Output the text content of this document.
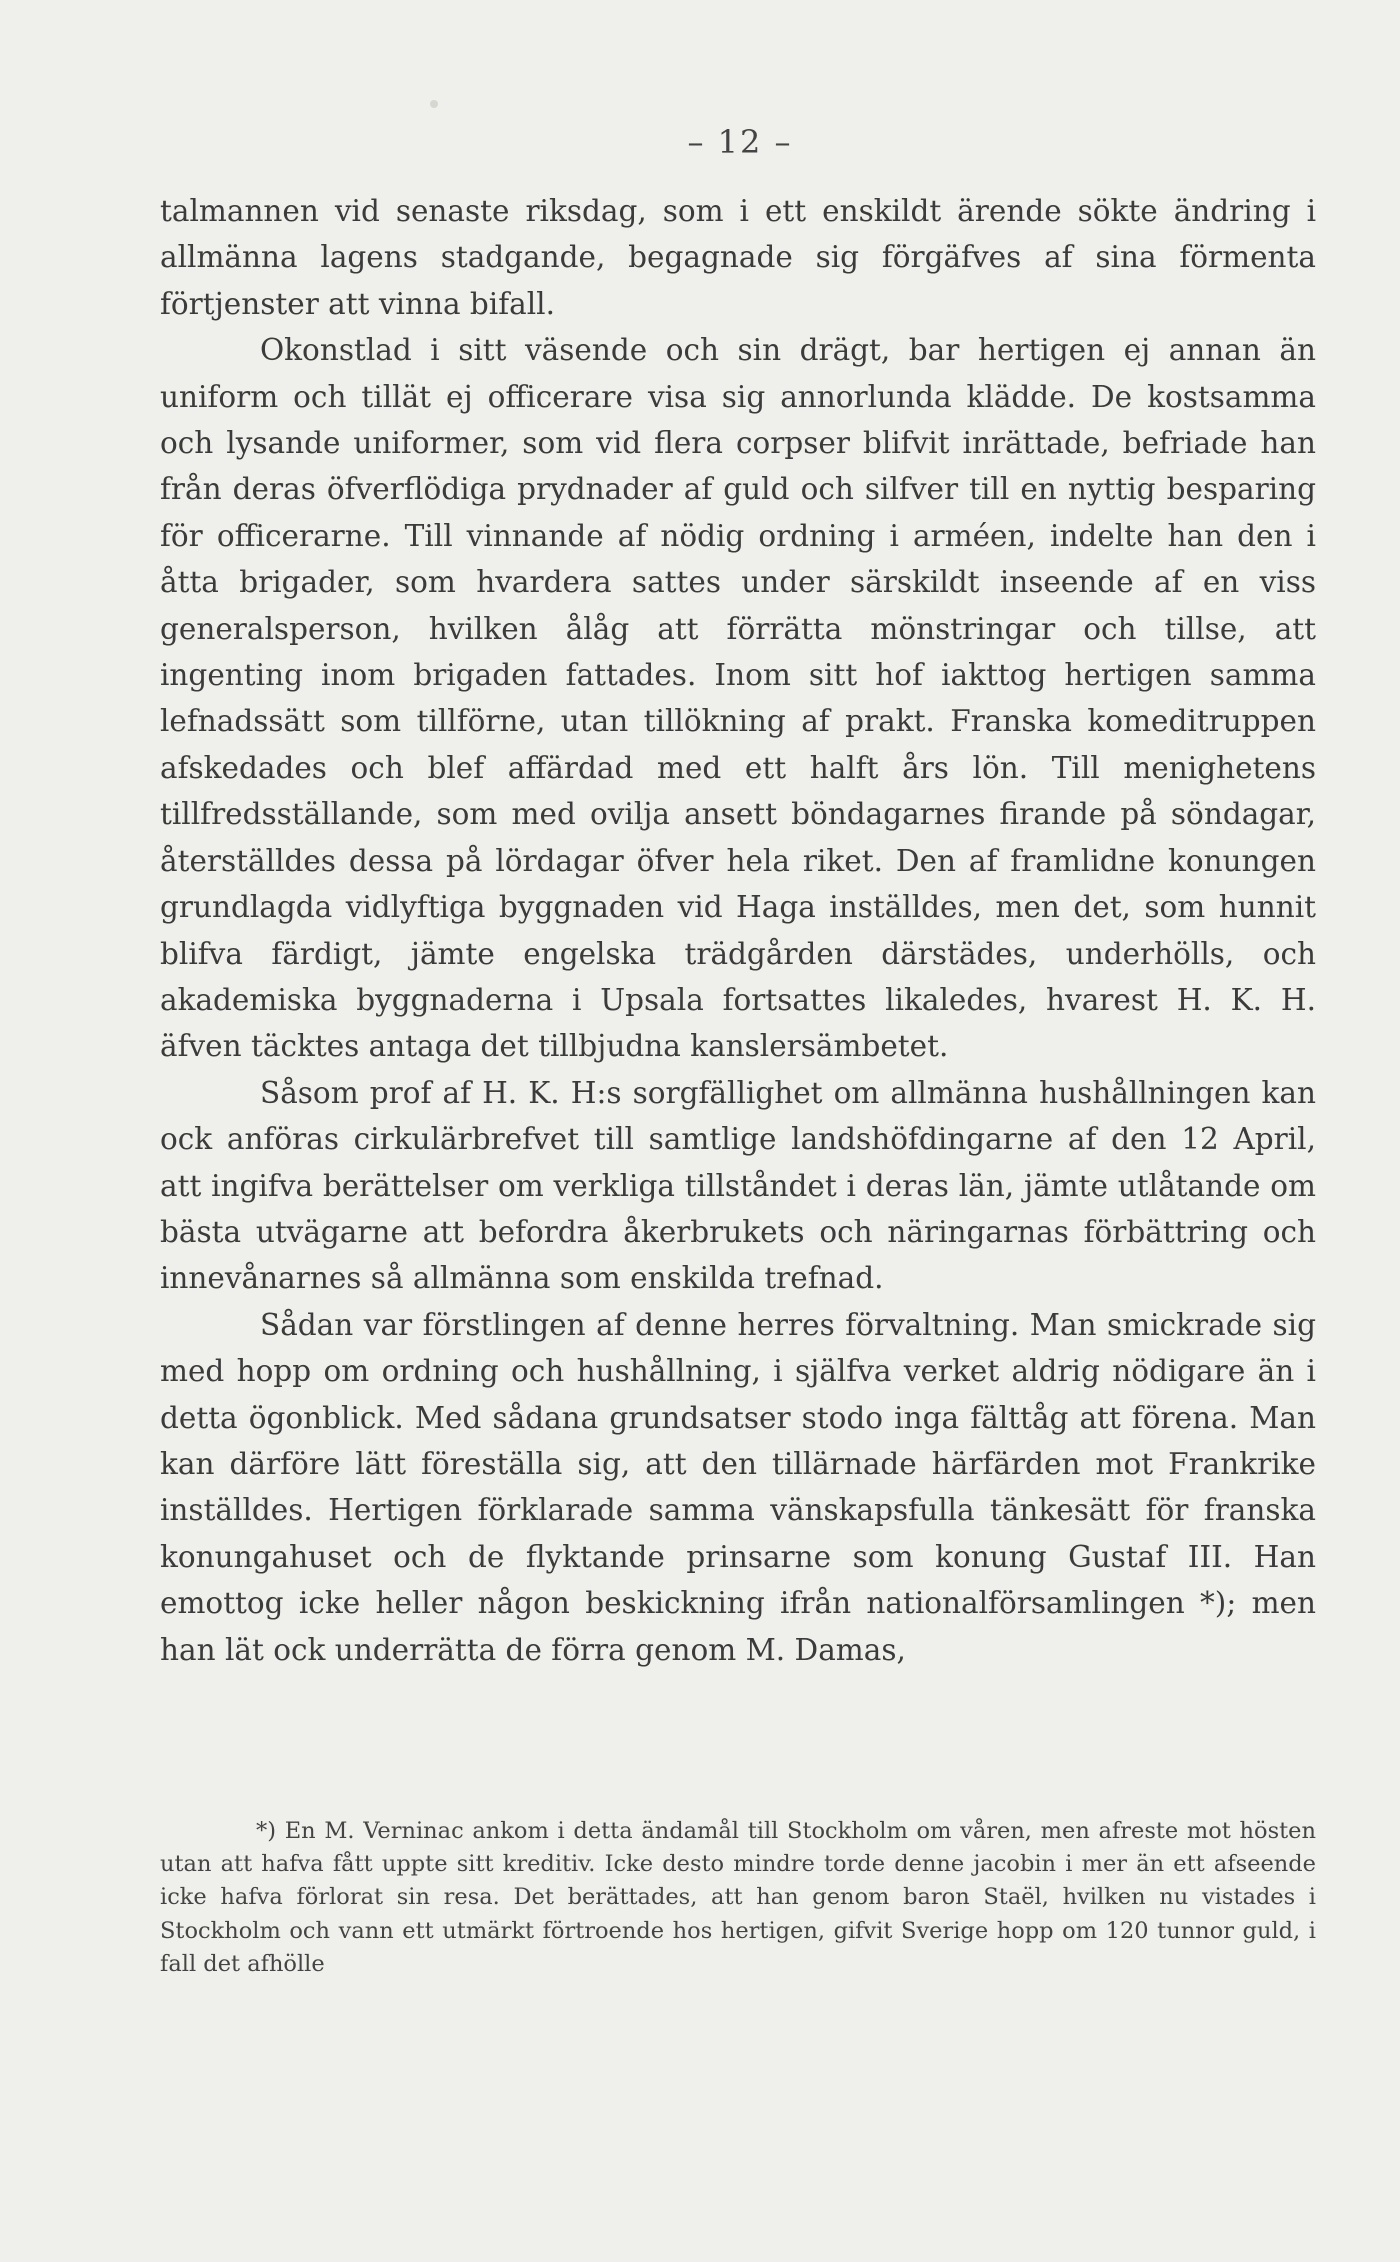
– 12 –

talmannen vid senaste riksdag, som i ett enskildt ärende sökte ändring i allmänna lagens stadgande, begagnade sig förgäfves af sina förmenta förtjenster att vinna bifall.

Okonstlad i sitt väsende och sin drägt, bar hertigen ej annan än uniform och tillät ej officerare visa sig annorlunda klädde. De kostsamma och lysande uniformer, som vid flera corpser blifvit inrättade, befriade han från deras öfverflödiga prydnader af guld och silfver till en nyttig besparing för officerarne. Till vinnande af nödig ordning i arméen, indelte han den i åtta brigader, som hvardera sattes under särskildt inseende af en viss generalsperson, hvilken ålåg att förrätta mönstringar och tillse, att ingenting inom brigaden fattades. Inom sitt hof iakttog hertigen samma lefnadssätt som tillförne, utan tillökning af prakt. Franska komeditruppen afskedades och blef affärdad med ett halft års lön. Till menighetens tillfredsställande, som med ovilja ansett böndagarnes firande på söndagar, återställdes dessa på lördagar öfver hela riket. Den af framlidne konungen grundlagda vidlyftiga byggnaden vid Haga inställdes, men det, som hunnit blifva färdigt, jämte engelska trädgården därstädes, underhölls, och akademiska byggnaderna i Upsala fortsattes likaledes, hvarest H. K. H. äfven täcktes antaga det tillbjudna kanslersämbetet.

Såsom prof af H. K. H:s sorgfällighet om allmänna hushållningen kan ock anföras cirkulärbrefvet till samtlige landshöfdingarne af den 12 April, att ingifva berättelser om verkliga tillståndet i deras län, jämte utlåtande om bästa utvägarne att befordra åkerbrukets och näringarnas förbättring och innevånarnes så allmänna som enskilda trefnad.

Sådan var förstlingen af denne herres förvaltning. Man smickrade sig med hopp om ordning och hushållning, i själfva verket aldrig nödigare än i detta ögonblick. Med sådana grundsatser stodo inga fälttåg att förena. Man kan därföre lätt föreställa sig, att den tillärnade härfärden mot Frankrike inställdes. Hertigen förklarade samma vänskapsfulla tänkesätt för franska konungahuset och de flyktande prinsarne som konung Gustaf III. Han emottog icke heller någon beskickning ifrån nationalförsamlingen *); men han lät ock underrätta de förra genom M. Damas,

*) En M. Verninac ankom i detta ändamål till Stockholm om våren, men afreste mot hösten utan att hafva fått uppte sitt kreditiv. Icke desto mindre torde denne jacobin i mer än ett afseende icke hafva förlorat sin resa. Det berättades, att han genom baron Staël, hvilken nu vistades i Stockholm och vann ett utmärkt förtroende hos hertigen, gifvit Sverige hopp om 120 tunnor guld, i fall det afhölle
